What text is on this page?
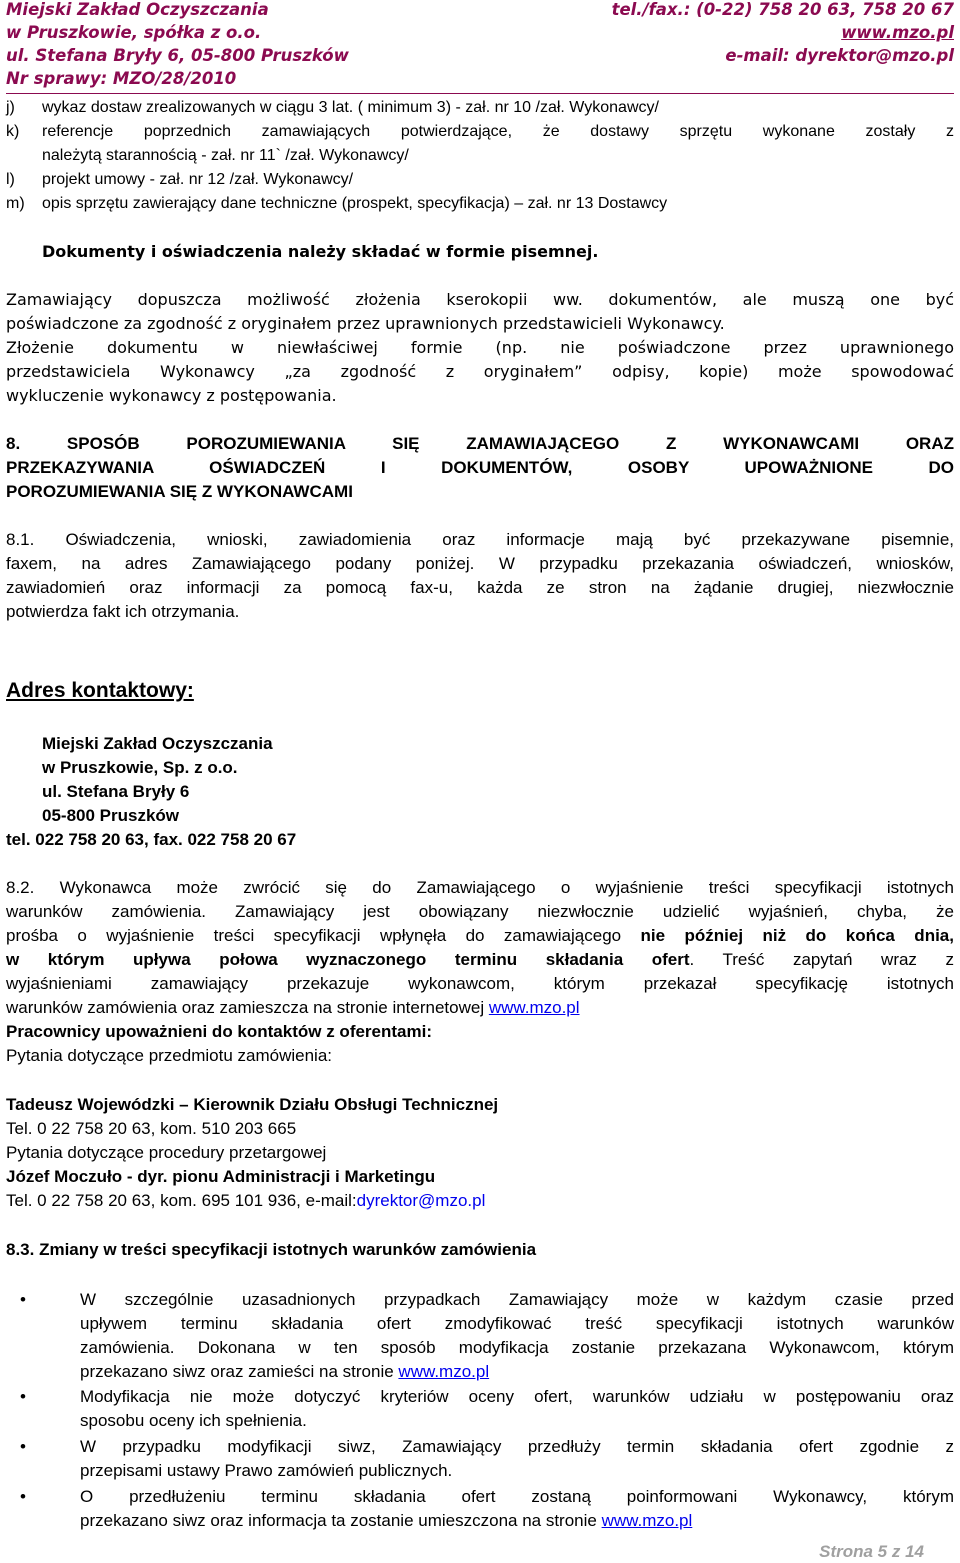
Miejski Zakład Oczyszczania	tel./fax.: (0-22) 758 20 63, 758 20 67
w Pruszkowie, spółka z o.o.	www.mzo.pl
ul. Stefana Bryły 6, 05-800 Pruszków	e-mail: dyrektor@mzo.pl
Nr sprawy: MZO/28/2010
j) wykaz dostaw zrealizowanych w ciągu 3 lat. ( minimum 3) - zał. nr 10 /zał. Wykonawcy/
k) referencje poprzednich zamawiających potwierdzające, że dostawy sprzętu wykonane zostały z
należytą starannością - zał. nr 11` /zał. Wykonawcy/
l) projekt umowy - zał. nr 12 /zał. Wykonawcy/
m) opis sprzętu zawierający dane techniczne (prospekt, specyfikacja) – zał. nr 13 Dostawcy
Dokumenty i oświadczenia należy składać w formie pisemnej.
Zamawiający dopuszcza możliwość złożenia kserokopii ww. dokumentów, ale muszą one być
poświadczone za zgodność z oryginałem przez uprawnionych przedstawicieli Wykonawcy.
Złożenie dokumentu w niewłaściwej formie (np. nie poświadczone przez uprawnionego
przedstawiciela Wykonawcy „za zgodność z oryginałem” odpisy, kopie) może spowodować
wykluczenie wykonawcy z postępowania.
8. SPOSÓB POROZUMIEWANIA SIĘ ZAMAWIAJĄCEGO Z WYKONAWCAMI ORAZ
PRZEKAZYWANIA OŚWIADCZEŃ I DOKUMENTÓW, OSOBY UPOWAŻNIONE DO
POROZUMIEWANIA SIĘ Z WYKONAWCAMI
8.1. Oświadczenia, wnioski, zawiadomienia oraz informacje mają być przekazywane pisemnie,
faxem, na adres Zamawiającego podany poniżej. W przypadku przekazania oświadczeń, wniosków,
zawiadomień oraz informacji za pomocą fax-u, każda ze stron na żądanie drugiej, niezwłocznie
potwierdza fakt ich otrzymania.
Adres kontaktowy:
Miejski Zakład Oczyszczania
w Pruszkowie, Sp. z o.o.
ul. Stefana Bryły 6
05-800 Pruszków
tel. 022 758 20 63, fax. 022 758 20 67
8.2. Wykonawca może zwrócić się do Zamawiającego o wyjaśnienie treści specyfikacji istotnych
warunków zamówienia. Zamawiający jest obowiązany niezwłocznie udzielić wyjaśnień, chyba, że
prośba o wyjaśnienie treści specyfikacji wpłynęła do zamawiającego nie później niż do końca dnia,
w którym upływa połowa wyznaczonego terminu składania ofert. Treść zapytań wraz z
wyjaśnieniami zamawiający przekazuje wykonawcom, którym przekazał specyfikację istotnych
warunków zamówienia oraz zamieszcza na stronie internetowej www.mzo.pl
Pracownicy upoważnieni do kontaktów z oferentami:
Pytania dotyczące przedmiotu zamówienia:
Tadeusz Wojewódzki – Kierownik Działu Obsługi Technicznej
Tel. 0 22 758 20 63, kom. 510 203 665
Pytania dotyczące procedury przetargowej
Józef Moczuło - dyr. pionu Administracji i Marketingu
Tel. 0 22 758 20 63, kom. 695 101 936, e-mail:dyrektor@mzo.pl
8.3. Zmiany w treści specyfikacji istotnych warunków zamówienia
•	W szczególnie uzasadnionych przypadkach Zamawiający może w każdym czasie przed
upływem terminu składania ofert zmodyfikować treść specyfikacji istotnych warunków
zamówienia. Dokonana w ten sposób modyfikacja zostanie przekazana Wykonawcom, którym
przekazano siwz oraz zamieści na stronie www.mzo.pl
•	Modyfikacja nie może dotyczyć kryteriów oceny ofert, warunków udziału w postępowaniu oraz
sposobu oceny ich spełnienia.
•	W przypadku modyfikacji siwz, Zamawiający przedłuży termin składania ofert zgodnie z
przepisami ustawy Prawo zamówień publicznych.
•	O przedłużeniu terminu składania ofert zostaną poinformowani Wykonawcy, którym
przekazano siwz oraz informacja ta zostanie umieszczona na stronie www.mzo.pl
Strona 5 z 14
